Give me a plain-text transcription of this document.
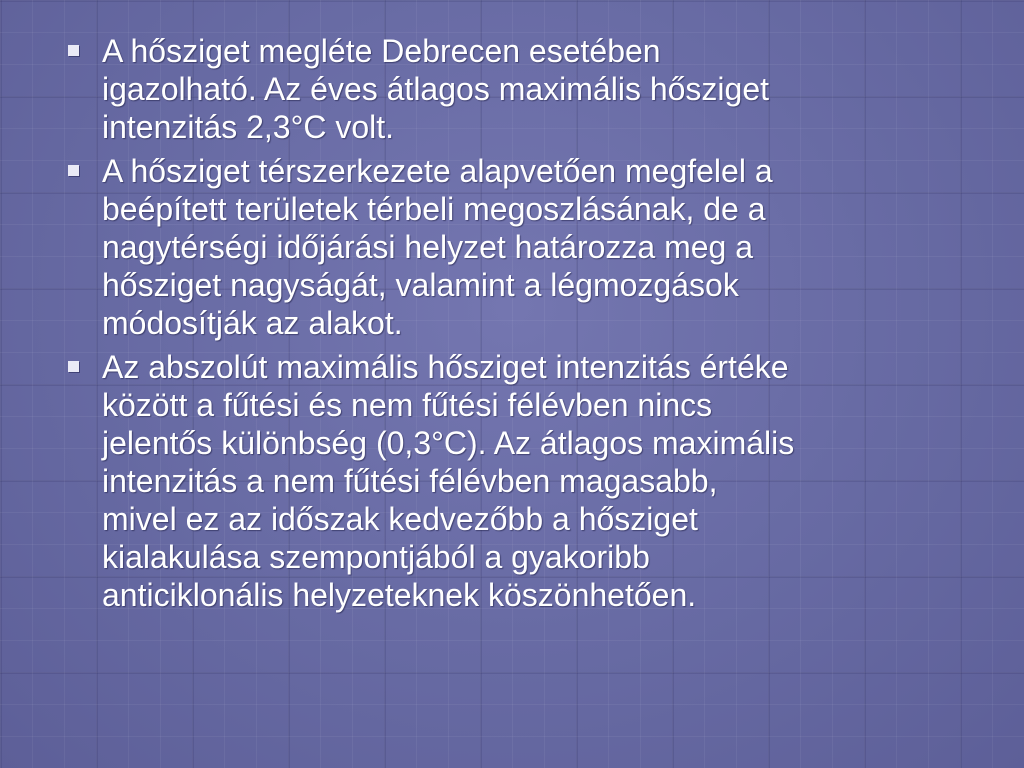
A hősziget megléte Debrecen esetében
igazolható. Az éves átlagos maximális hősziget
intenzitás 2,3°C volt.
A hősziget térszerkezete alapvetően megfelel a
beépített területek térbeli megoszlásának, de a
nagytérségi időjárási helyzet határozza meg a
hősziget nagyságát, valamint a légmozgások
módosítják az alakot.
Az abszolút maximális hősziget intenzitás értéke
között a fűtési és nem fűtési félévben nincs
jelentős különbség (0,3°C). Az átlagos maximális
intenzitás a nem fűtési félévben magasabb,
mivel ez az időszak kedvezőbb a hősziget
kialakulása szempontjából a gyakoribb
anticiklonális helyzeteknek köszönhetően.
